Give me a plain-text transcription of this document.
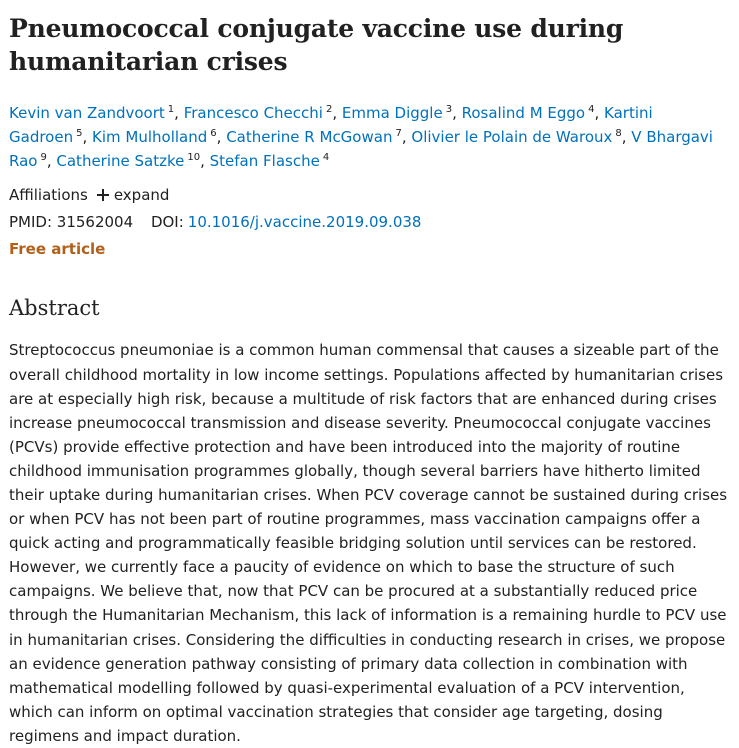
Pneumococcal conjugate vaccine use during humanitarian crises
Kevin van Zandvoort $^1$, Francesco Checchi $^2$, Emma Diggle $^3$, Rosalind M Eggo $^4$, Kartini Gadroen $^5$, Kim Mulholland $^6$, Catherine R McGowan $^7$, Olivier le Polain de Waroux $^8$, V Bhargavi Rao $^9$, Catherine Satzke $^{10}$, Stefan Flasche $^4$
Affiliations expand
PMID: 31562004 DOI: 10.1016/j.vaccine.2019.09.038
Free article
Abstract
Streptococcus pneumoniae is a common human commensal that causes a sizeable part of the overall childhood mortality in low income settings. Populations affected by humanitarian crises are at especially high risk, because a multitude of risk factors that are enhanced during crises increase pneumococcal transmission and disease severity. Pneumococcal conjugate vaccines (PCVs) provide effective protection and have been introduced into the majority of routine childhood immunisation programmes globally, though several barriers have hitherto limited their uptake during humanitarian crises. When PCV coverage cannot be sustained during crises or when PCV has not been part of routine programmes, mass vaccination campaigns offer a quick acting and programmatically feasible bridging solution until services can be restored. However, we currently face a paucity of evidence on which to base the structure of such campaigns. We believe that, now that PCV can be procured at a substantially reduced price through the Humanitarian Mechanism, this lack of information is a remaining hurdle to PCV use in humanitarian crises. Considering the difficulties in conducting research in crises, we propose an evidence generation pathway consisting of primary data collection in combination with mathematical modelling followed by quasi-experimental evaluation of a PCV intervention, which can inform on optimal vaccination strategies that consider age targeting, dosing regimens and impact duration.
